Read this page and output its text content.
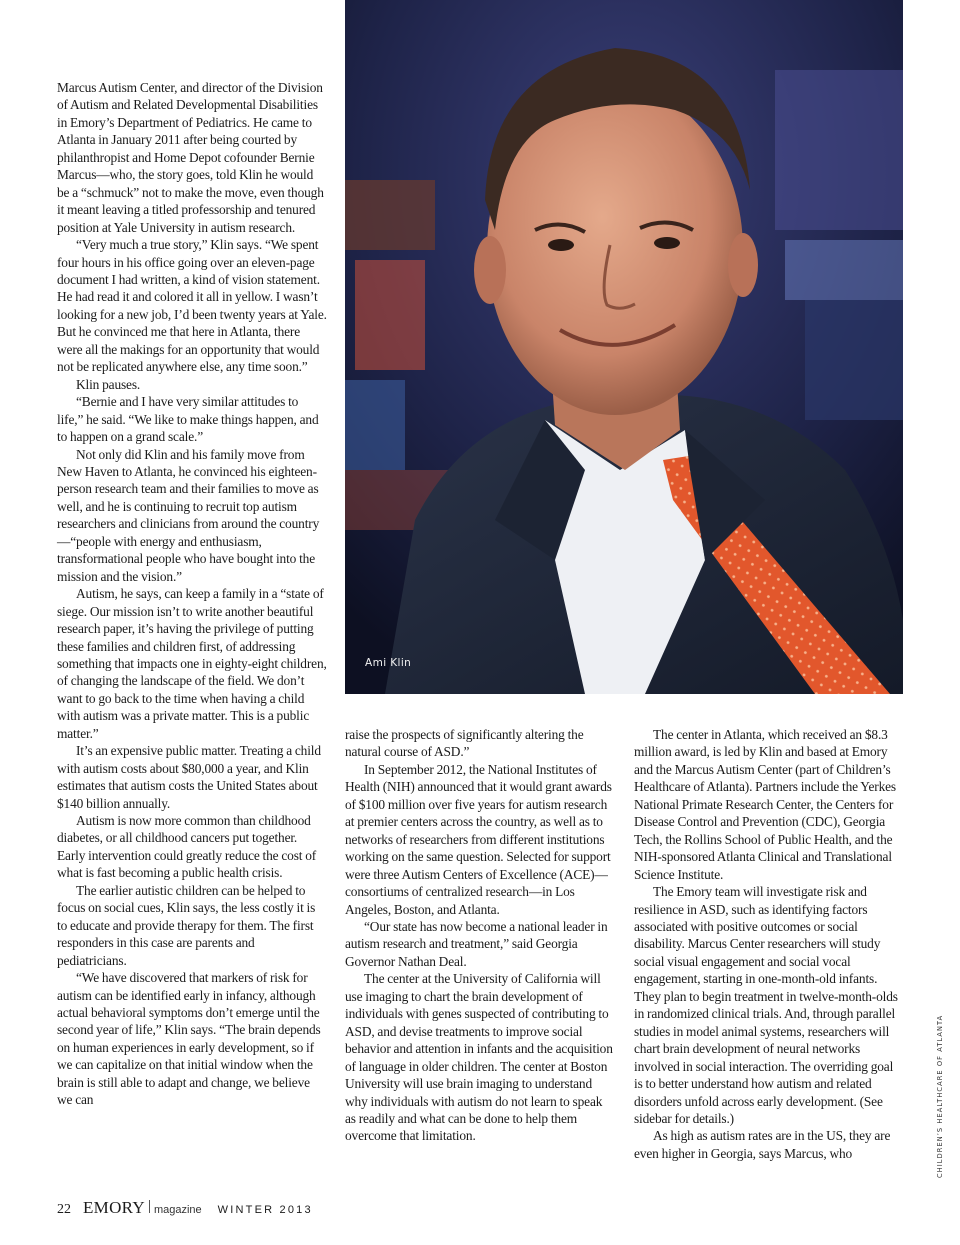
Marcus Autism Center, and director of the Division of Autism and Related Developmental Disabilities in Emory’s Department of Pediatrics. He came to Atlanta in January 2011 after being courted by philanthropist and Home Depot cofounder Bernie Marcus—who, the story goes, told Klin he would be a “schmuck” not to make the move, even though it meant leaving a titled professorship and tenured position at Yale University in autism research.

“Very much a true story,” Klin says. “We spent four hours in his office going over an eleven-page document I had written, a kind of vision statement. He had read it and colored it all in yellow. I wasn’t looking for a new job, I’d been twenty years at Yale. But he convinced me that here in Atlanta, there were all the makings for an opportunity that would not be replicated anywhere else, any time soon.”

Klin pauses.

“Bernie and I have very similar attitudes to life,” he said. “We like to make things happen, and to happen on a grand scale.”

Not only did Klin and his family move from New Haven to Atlanta, he convinced his eighteen-person research team and their families to move as well, and he is continuing to recruit top autism researchers and clinicians from around the country—“people with energy and enthusiasm, transformational people who have bought into the mission and the vision.”

Autism, he says, can keep a family in a “state of siege. Our mission isn’t to write another beautiful research paper, it’s having the privilege of putting these families and children first, of addressing something that impacts one in eighty-eight children, of changing the landscape of the field. We don’t want to go back to the time when having a child with autism was a private matter. This is a public matter.”

It’s an expensive public matter. Treating a child with autism costs about $80,000 a year, and Klin estimates that autism costs the United States about $140 billion annually.

Autism is now more common than childhood diabetes, or all childhood cancers put together. Early intervention could greatly reduce the cost of what is fast becoming a public health crisis.

The earlier autistic children can be helped to focus on social cues, Klin says, the less costly it is to educate and provide therapy for them. The first responders in this case are parents and pediatricians.

“We have discovered that markers of risk for autism can be identified early in infancy, although actual behavioral symptoms don’t emerge until the second year of life,” Klin says. “The brain depends on human experiences in early development, so if we can capitalize on that initial window when the brain is still able to adapt and change, we believe we can

Ami Klin

raise the prospects of significantly altering the natural course of ASD.”

In September 2012, the National Institutes of Health (NIH) announced that it would grant awards of $100 million over five years for autism research at premier centers across the country, as well as to networks of researchers from different institutions working on the same question. Selected for support were three Autism Centers of Excellence (ACE)—consortiums of centralized research—in Los Angeles, Boston, and Atlanta.

“Our state has now become a national leader in autism research and treatment,” said Georgia Governor Nathan Deal.

The center at the University of California will use imaging to chart the brain development of individuals with genes suspected of contributing to ASD, and devise treatments to improve social behavior and attention in infants and the acquisition of language in older children. The center at Boston University will use brain imaging to understand why individuals with autism do not learn to speak as readily and what can be done to help them overcome that limitation.

The center in Atlanta, which received an $8.3 million award, is led by Klin and based at Emory and the Marcus Autism Center (part of Children’s Healthcare of Atlanta). Partners include the Yerkes National Primate Research Center, the Centers for Disease Control and Prevention (CDC), Georgia Tech, the Rollins School of Public Health, and the NIH-sponsored Atlanta Clinical and Translational Science Institute.

The Emory team will investigate risk and resilience in ASD, such as identifying factors associated with positive outcomes or social disability. Marcus Center researchers will study social visual engagement and social vocal engagement, starting in one-month-old infants. They plan to begin treatment in twelve-month-olds in randomized clinical trials. And, through parallel studies in model animal systems, researchers will chart brain development of neural networks involved in social interaction. The overriding goal is to better understand how autism and related disorders unfold across early development. (See sidebar for details.)

As high as autism rates are in the US, they are even higher in Georgia, says Marcus, who	CHILDREN’S HEALTHCARE OF ATLANTA
22 EMORY magazine WINTER 2013
